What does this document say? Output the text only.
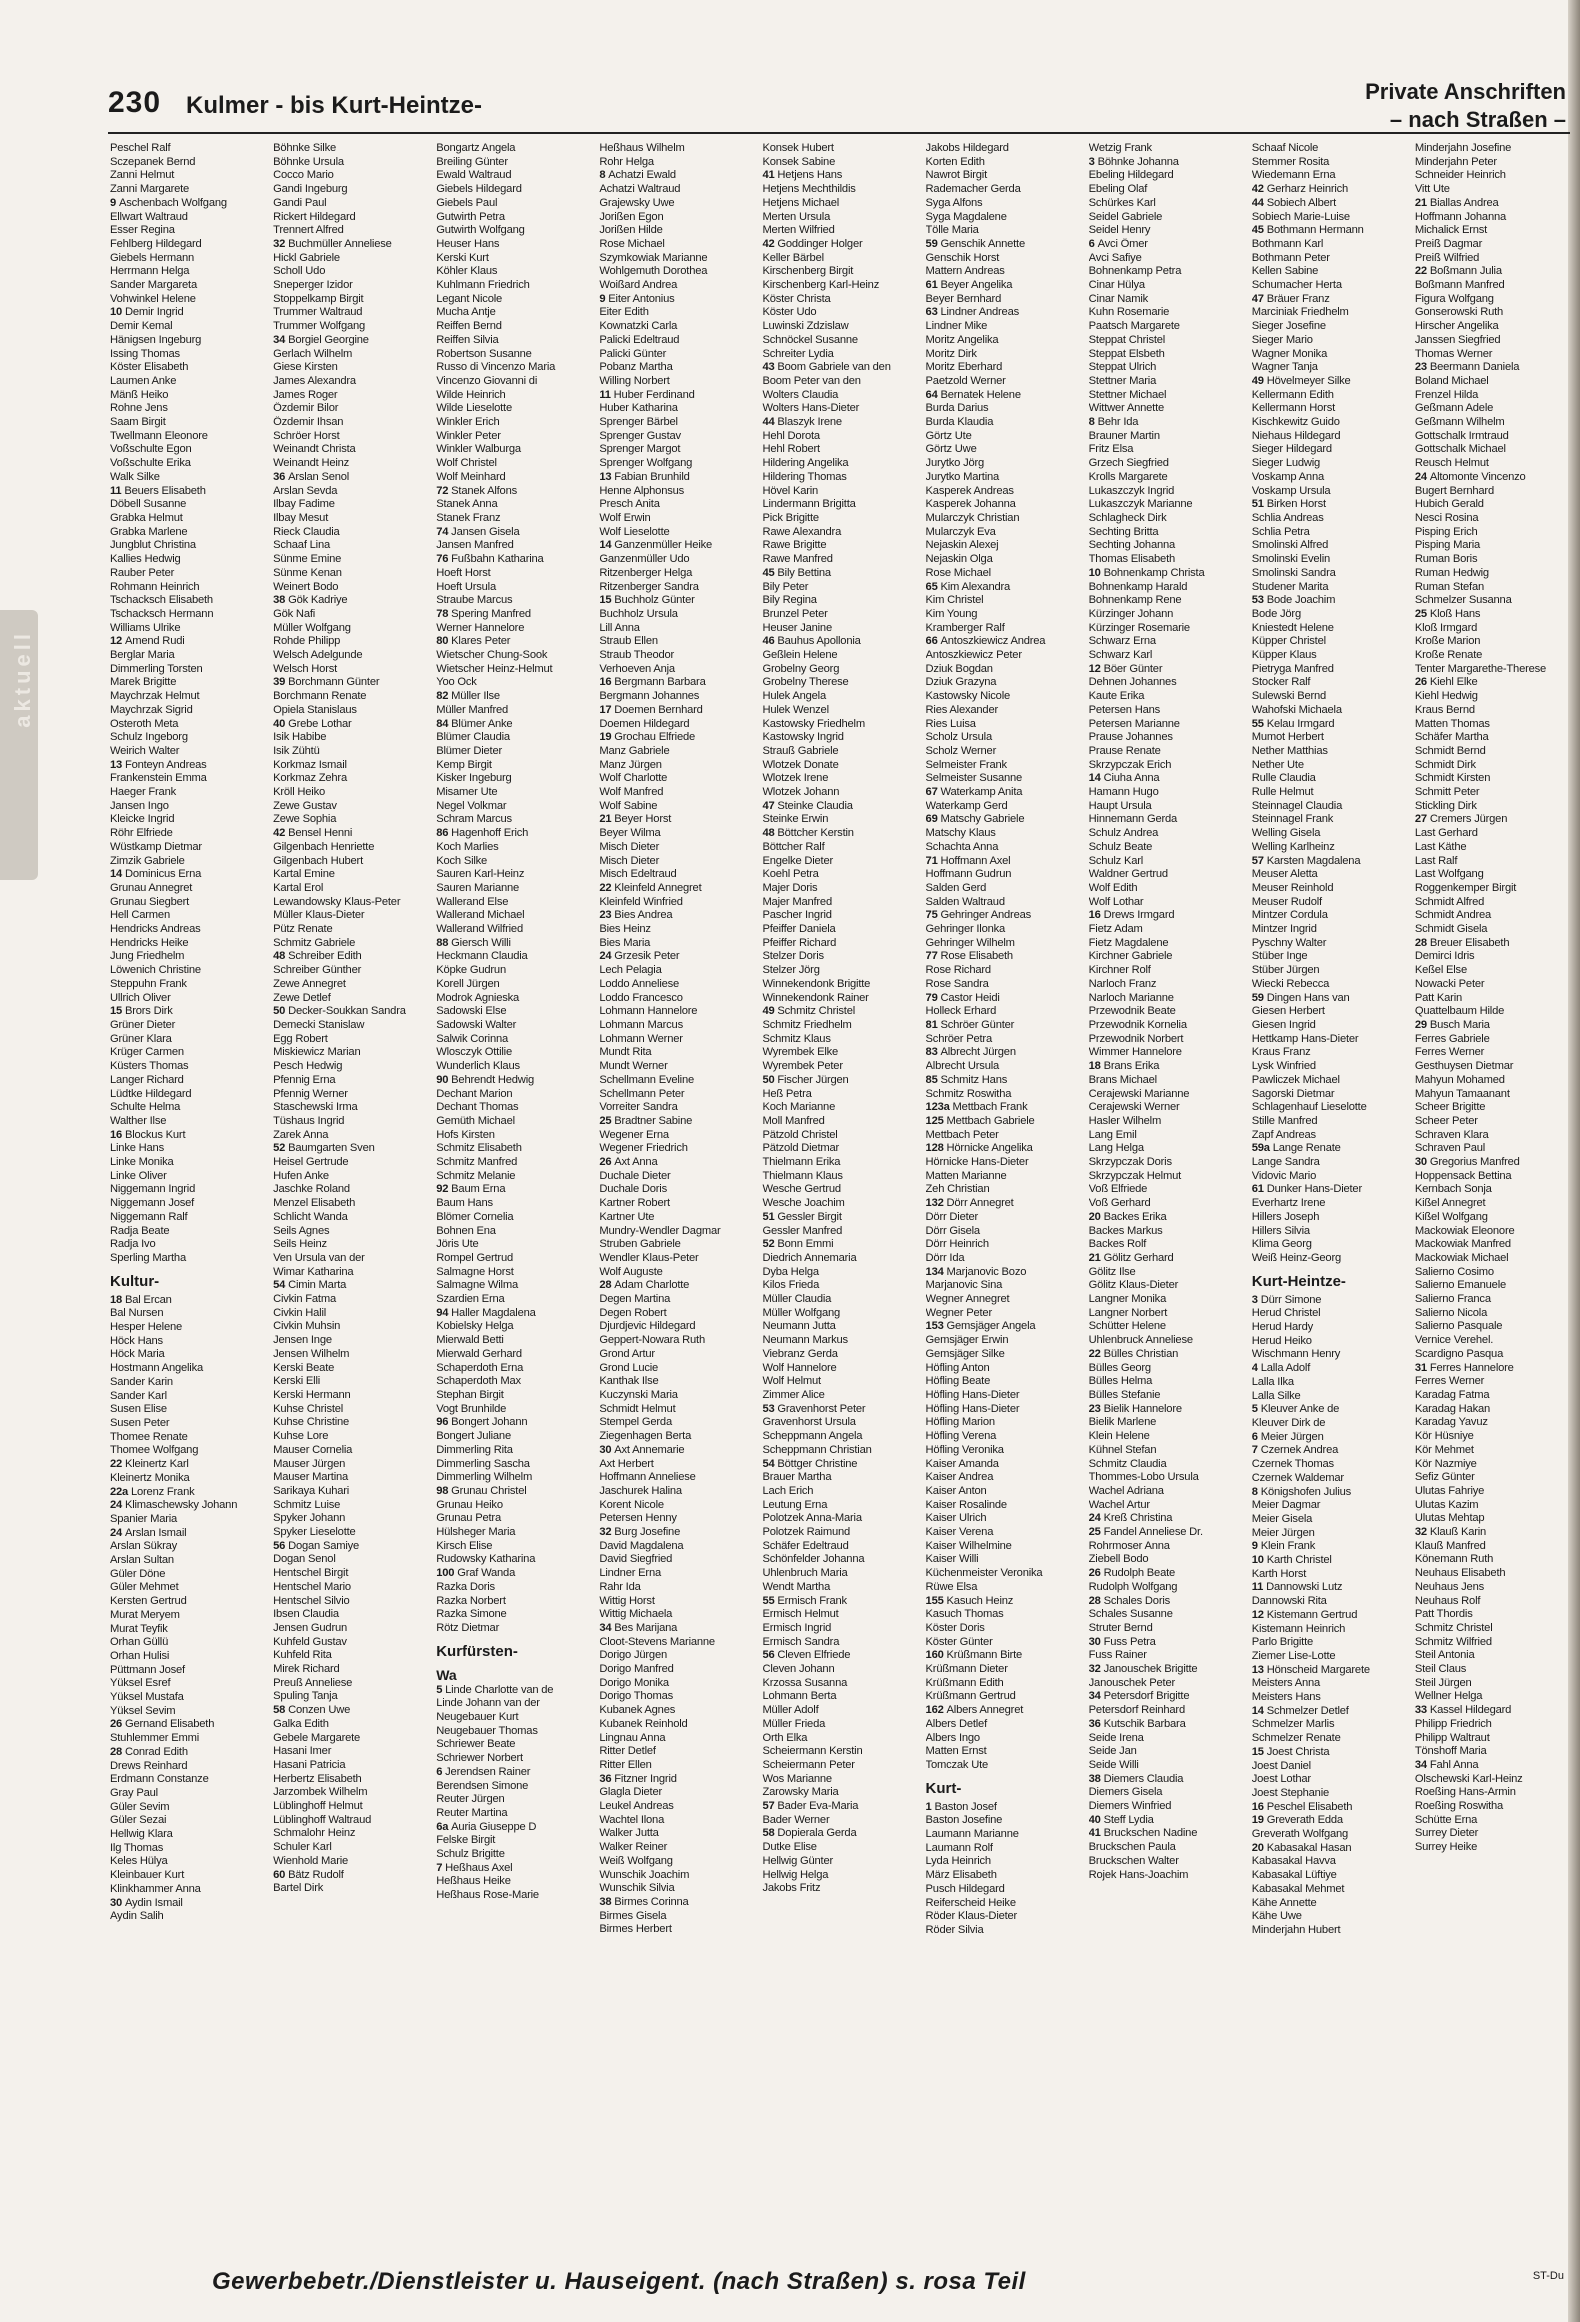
aktuell
230 Kulmer - bis Kurt-Heintze-
Private Anschriften
– nach Straßen –
Peschel Ralf
Sczepanek Bernd
Zanni Helmut
Zanni Margarete
9 Aschenbach Wolfgang
Ellwart Waltraud
Esser Regina
Fehlberg Hildegard
Giebels Hermann
Herrmann Helga
Sander Margareta
Vohwinkel Helene
10 Demir Ingrid
Demir Kemal
Hänigsen Ingeburg
Issing Thomas
Köster Elisabeth
Laumen Anke
Mänß Heiko
Rohne Jens
Saam Birgit
Twellmann Eleonore
Voßschulte Egon
Voßschulte Erika
Walk Silke
11 Beuers Elisabeth
Döbell Susanne
Grabka Helmut
Grabka Marlene
Jungblut Christina
Kallies Hedwig
Rauber Peter
Rohmann Heinrich
Tschacksch Elisabeth
Tschacksch Hermann
Williams Ulrike
12 Amend Rudi
Berglar Maria
Dimmerling Torsten
Marek Brigitte
Maychrzak Helmut
Maychrzak Sigrid
Osteroth Meta
Schulz Ingeborg
Weirich Walter
13 Fonteyn Andreas
Frankenstein Emma
Haeger Frank
Jansen Ingo
Kleicke Ingrid
Röhr Elfriede
Wüstkamp Dietmar
Zimzik Gabriele
14 Dominicus Erna
Grunau Annegret
Grunau Siegbert
Hell Carmen
Hendricks Andreas
Hendricks Heike
Jung Friedhelm
Löwenich Christine
Steppuhn Frank
Ullrich Oliver
15 Brors Dirk
Grüner Dieter
Grüner Klara
Krüger Carmen
Küsters Thomas
Langer Richard
Lüdtke Hildegard
Schulte Helma
Walther Ilse
16 Blockus Kurt
Linke Hans
Linke Monika
Linke Oliver
Niggemann Ingrid
Niggemann Josef
Niggemann Ralf
Radja Beate
Radja Ivo
Sperling Martha
Kultur-
18 Bal Ercan
Bal Nursen
Hesper Helene
Höck Hans
Höck Maria
Hostmann Angelika
Sander Karin
Sander Karl
Susen Elise
Susen Peter
Thomee Renate
Thomee Wolfgang
22 Kleinertz Karl
Kleinertz Monika
22a Lorenz Frank
24 Klimaschewsky Johann
Spanier Maria
24 Arslan Ismail
Arslan Sükray
Arslan Sultan
Güler Döne
Güler Mehmet
Kersten Gertrud
Murat Meryem
Murat Teyfik
Orhan Güllü
Orhan Hulisi
Püttmann Josef
Yüksel Esref
Yüksel Mustafa
Yüksel Sevim
26 Gernand Elisabeth
Stuhlemmer Emmi
28 Conrad Edith
Drews Reinhard
Erdmann Constanze
Gray Paul
Güler Sevim
Güler Sezai
Hellwig Klara
Ilg Thomas
Keles Hülya
Kleinbauer Kurt
Klinkhammer Anna
30 Aydin Ismail
Aydin Salih
Böhnke Silke
Böhnke Ursula
Cocco Mario
Gandi Ingeburg
Gandi Paul
Rickert Hildegard
Trennert Alfred
32 Buchmüller Anneliese
Hickl Gabriele
Scholl Udo
Sneperger Izidor
Stoppelkamp Birgit
Trummer Waltraud
Trummer Wolfgang
34 Borgiel Georgine
Gerlach Wilhelm
Giese Kirsten
James Alexandra
James Roger
Özdemir Bilor
Özdemir Ihsan
Schröer Horst
Weinandt Christa
Weinandt Heinz
36 Arslan Senol
Arslan Sevda
Ilbay Fadime
Ilbay Mesut
Rieck Claudia
Schaaf Lina
Sünme Emine
Sünme Kenan
Weinert Bodo
38 Gök Kadriye
Gök Nafi
Müller Wolfgang
Rohde Philipp
Welsch Adelgunde
Welsch Horst
39 Borchmann Günter
Borchmann Renate
Opiela Stanislaus
40 Grebe Lothar
Isik Habibe
Isik Zühtü
Korkmaz Ismail
Korkmaz Zehra
Kröll Heiko
Zewe Gustav
Zewe Sophia
42 Bensel Henni
Gilgenbach Henriette
Gilgenbach Hubert
Kartal Emine
Kartal Erol
Lewandowsky Klaus-Peter
Müller Klaus-Dieter
Pütz Renate
Schmitz Gabriele
48 Schreiber Edith
Schreiber Günther
Zewe Annegret
Zewe Detlef
50 Decker-Soukkan Sandra
Demecki Stanislaw
Egg Robert
Miskiewicz Marian
Pesch Hedwig
Pfennig Erna
Pfennig Werner
Staschewski Irma
Tüshaus Ingrid
Zarek Anna
52 Baumgarten Sven
Heisel Gertrude
Hufen Anke
Jaschke Roland
Menzel Elisabeth
Schlicht Wanda
Seils Agnes
Seils Heinz
Ven Ursula van der
Wimar Katharina
54 Cimin Marta
Civkin Fatma
Civkin Halil
Civkin Muhsin
Jensen Inge
Jensen Wilhelm
Kerski Beate
Kerski Elli
Kerski Hermann
Kuhse Christel
Kuhse Christine
Kuhse Lore
Mauser Cornelia
Mauser Jürgen
Mauser Martina
Sarikaya Kuhari
Schmitz Luise
Spyker Johann
Spyker Lieselotte
56 Dogan Samiye
Dogan Senol
Hentschel Birgit
Hentschel Mario
Hentschel Silvio
Ibsen Claudia
Jensen Gudrun
Kuhfeld Gustav
Kuhfeld Rita
Mirek Richard
Preuß Anneliese
Spuling Tanja
58 Conzen Uwe
Galka Edith
Gebele Margarete
Hasani Imer
Hasani Patricia
Herbertz Elisabeth
Jarzombek Wilhelm
Lüblinghoff Helmut
Lüblinghoff Waltraud
Schmalohr Heinz
Schuler Karl
Wienhold Marie
60 Bätz Rudolf
Bartel Dirk
Bongartz Angela
Breiling Günter
Ewald Waltraud
Giebels Hildegard
Giebels Paul
Gutwirth Petra
Gutwirth Wolfgang
Heuser Hans
Kerski Kurt
Köhler Klaus
Kuhlmann Friedrich
Legant Nicole
Mucha Antje
Reiffen Bernd
Reiffen Silvia
Robertson Susanne
Russo di Vincenzo Maria
Vincenzo Giovanni di
Wilde Heinrich
Wilde Lieselotte
Winkler Erich
Winkler Peter
Winkler Walburga
Wolf Christel
Wolf Meinhard
72 Stanek Alfons
Stanek Anna
Stanek Franz
74 Jansen Gisela
Jansen Manfred
76 Fußbahn Katharina
Hoeft Horst
Hoeft Ursula
Straube Marcus
78 Spering Manfred
Werner Hannelore
80 Klares Peter
Wietscher Chung-Sook
Wietscher Heinz-Helmut
Yoo Ock
82 Müller Ilse
Müller Manfred
84 Blümer Anke
Blümer Claudia
Blümer Dieter
Kemp Birgit
Kisker Ingeburg
Misamer Ute
Negel Volkmar
Schram Marcus
86 Hagenhoff Erich
Koch Marlies
Koch Silke
Sauren Karl-Heinz
Sauren Marianne
Wallerand Else
Wallerand Michael
Wallerand Wilfried
88 Giersch Willi
Heckmann Claudia
Köpke Gudrun
Korell Jürgen
Modrok Agnieska
Sadowski Else
Sadowski Walter
Salwik Corinna
Wlosczyk Ottilie
Wunderlich Klaus
90 Behrendt Hedwig
Dechant Marion
Dechant Thomas
Gemüth Michael
Hofs Kirsten
Schmitz Elisabeth
Schmitz Manfred
Schmitz Melanie
92 Baum Erna
Baum Hans
Blömer Cornelia
Bohnen Ena
Jöris Ute
Rompel Gertrud
Salmagne Horst
Salmagne Wilma
Szardien Erna
94 Haller Magdalena
Kobielsky Helga
Mierwald Betti
Mierwald Gerhard
Schaperdoth Erna
Schaperdoth Max
Stephan Birgit
Vogt Brunhilde
96 Bongert Johann
Bongert Juliane
Dimmerling Rita
Dimmerling Sascha
Dimmerling Wilhelm
98 Grunau Christel
Grunau Heiko
Grunau Petra
Hülsheger Maria
Kirsch Elise
Rudowsky Katharina
100 Graf Wanda
Razka Doris
Razka Norbert
Razka Simone
Rötz Dietmar
Kurfürsten-
Wa
5 Linde Charlotte van de
Linde Johann van der
Neugebauer Kurt
Neugebauer Thomas
Schriewer Beate
Schriewer Norbert
6 Jerendsen Rainer
Berendsen Simone
Reuter Jürgen
Reuter Martina
6a Auria Giuseppe D
Felske Birgit
Schulz Brigitte
7 Heßhaus Axel
Heßhaus Heike
Heßhaus Rose-Marie
Heßhaus Wilhelm
Rohr Helga
8 Achatzi Ewald
Achatzi Waltraud
Grajewsky Uwe
Jorißen Egon
Jorißen Hilde
Rose Michael
Szymkowiak Marianne
Wohlgemuth Dorothea
Woißard Andrea
9 Eiter Antonius
Eiter Edith
Kownatzki Carla
Palicki Edeltraud
Palicki Günter
Pobanz Martha
Willing Norbert
11 Huber Ferdinand
Huber Katharina
Sprenger Bärbel
Sprenger Gustav
Sprenger Margot
Sprenger Wolfgang
13 Fabian Brunhild
Henne Alphonsus
Presch Anita
Wolf Erwin
Wolf Lieselotte
14 Ganzenmüller Heike
Ganzenmüller Udo
Ritzenberger Helga
Ritzenberger Sandra
15 Buchholz Günter
Buchholz Ursula
Lill Anna
Straub Ellen
Straub Theodor
Verhoeven Anja
16 Bergmann Barbara
Bergmann Johannes
17 Doemen Bernhard
Doemen Hildegard
19 Grochau Elfriede
Manz Gabriele
Manz Jürgen
Wolf Charlotte
Wolf Manfred
Wolf Sabine
21 Beyer Horst
Beyer Wilma
Misch Dieter
Misch Dieter
Misch Edeltraud
22 Kleinfeld Annegret
Kleinfeld Winfried
23 Bies Andrea
Bies Heinz
Bies Maria
24 Grzesik Peter
Lech Pelagia
Loddo Anneliese
Loddo Francesco
Lohmann Hannelore
Lohmann Marcus
Lohmann Werner
Mundt Rita
Mundt Werner
Schellmann Eveline
Schellmann Peter
Vorreiter Sandra
25 Bradtner Sabine
Wegener Erna
Wegener Friedrich
26 Axt Anna
Duchale Dieter
Duchale Doris
Kartner Robert
Kartner Ute
Mundry-Wendler Dagmar
Struben Gabriele
Wendler Klaus-Peter
Wolf Auguste
28 Adam Charlotte
Degen Martina
Degen Robert
Djurdjevic Hildegard
Geppert-Nowara Ruth
Grond Artur
Grond Lucie
Kanthak Ilse
Kuczynski Maria
Schmidt Helmut
Stempel Gerda
Ziegenhagen Berta
30 Axt Annemarie
Axt Herbert
Hoffmann Anneliese
Jaschurek Halina
Korent Nicole
Petersen Henny
32 Burg Josefine
David Magdalena
David Siegfried
Lindner Erna
Rahr Ida
Wittig Horst
Wittig Michaela
34 Bes Marijana
Cloot-Stevens Marianne
Dorigo Jürgen
Dorigo Manfred
Dorigo Monika
Dorigo Thomas
Kubanek Agnes
Kubanek Reinhold
Lingnau Anna
Ritter Detlef
Ritter Ellen
36 Fitzner Ingrid
Glagla Dieter
Leukel Andreas
Wachtel Ilona
Walker Jutta
Walker Reiner
Weiß Wolfgang
Wunschik Joachim
Wunschik Silvia
38 Birmes Corinna
Birmes Gisela
Birmes Herbert
Konsek Hubert
Konsek Sabine
41 Hetjens Hans
Hetjens Mechthildis
Hetjens Michael
Merten Ursula
Merten Wilfried
42 Goddinger Holger
Keller Bärbel
Kirschenberg Birgit
Kirschenberg Karl-Heinz
Köster Christa
Köster Udo
Luwinski Zdzislaw
Schnöckel Susanne
Schreiter Lydia
43 Boom Gabriele van den
Boom Peter van den
Wolters Claudia
Wolters Hans-Dieter
44 Blaszyk Irene
Hehl Dorota
Hehl Robert
Hildering Angelika
Hildering Thomas
Hövel Karin
Lindermann Brigitta
Pick Brigitte
Rawe Alexandra
Rawe Brigitte
Rawe Manfred
45 Bily Bettina
Bily Peter
Bily Regina
Brunzel Peter
Heuser Janine
46 Bauhus Apollonia
Geßlein Helene
Grobelny Georg
Grobelny Therese
Hulek Angela
Hulek Wenzel
Kastowsky Friedhelm
Kastowsky Ingrid
Strauß Gabriele
Wlotzek Donate
Wlotzek Irene
Wlotzek Johann
47 Steinke Claudia
Steinke Erwin
48 Böttcher Kerstin
Böttcher Ralf
Engelke Dieter
Koehl Petra
Majer Doris
Majer Manfred
Pascher Ingrid
Pfeiffer Daniela
Pfeiffer Richard
Stelzer Doris
Stelzer Jörg
Winnekendonk Brigitte
Winnekendonk Rainer
49 Schmitz Christel
Schmitz Friedhelm
Schmitz Klaus
Wyrembek Elke
Wyrembek Peter
50 Fischer Jürgen
Heß Petra
Koch Marianne
Moll Manfred
Pätzold Christel
Pätzold Dietmar
Thielmann Erika
Thielmann Klaus
Wesche Gertrud
Wesche Joachim
51 Gessler Birgit
Gessler Manfred
52 Bonn Emmi
Diedrich Annemaria
Dyba Helga
Kilos Frieda
Müller Claudia
Müller Wolfgang
Neumann Jutta
Neumann Markus
Viebranz Gerda
Wolf Hannelore
Wolf Helmut
Zimmer Alice
53 Gravenhorst Peter
Gravenhorst Ursula
Scheppmann Angela
Scheppmann Christian
54 Böttger Christine
Brauer Martha
Lach Erich
Leutung Erna
Polotzek Anna-Maria
Polotzek Raimund
Schäfer Edeltraud
Schönfelder Johanna
Uhlenbruch Maria
Wendt Martha
55 Ermisch Frank
Ermisch Helmut
Ermisch Ingrid
Ermisch Sandra
56 Cleven Elfriede
Cleven Johann
Krzossa Susanna
Lohmann Berta
Müller Adolf
Müller Frieda
Orth Elka
Scheiermann Kerstin
Scheiermann Peter
Wos Marianne
Zarowsky Maria
57 Bader Eva-Maria
Bader Werner
58 Dopierala Gerda
Dutke Elise
Hellwig Günter
Hellwig Helga
Jakobs Fritz
Jakobs Hildegard
Korten Edith
Nawrot Birgit
Rademacher Gerda
Syga Alfons
Syga Magdalene
Tölle Maria
59 Genschik Annette
Genschik Horst
Mattern Andreas
61 Beyer Angelika
Beyer Bernhard
63 Lindner Andreas
Lindner Mike
Moritz Angelika
Moritz Dirk
Moritz Eberhard
Paetzold Werner
64 Bernatek Helene
Burda Darius
Burda Klaudia
Görtz Ute
Görtz Uwe
Jurytko Jörg
Jurytko Martina
Kasperek Andreas
Kasperek Johanna
Mularczyk Christian
Mularczyk Eva
Nejaskin Alexej
Nejaskin Olga
Rose Michael
65 Kim Alexandra
Kim Christel
Kim Young
Kramberger Ralf
66 Antoszkiewicz Andrea
Antoszkiewicz Peter
Dziuk Bogdan
Dziuk Grazyna
Kastowsky Nicole
Ries Alexander
Ries Luisa
Scholz Ursula
Scholz Werner
Selmeister Frank
Selmeister Susanne
67 Waterkamp Anita
Waterkamp Gerd
69 Matschy Gabriele
Matschy Klaus
Schachta Anna
71 Hoffmann Axel
Hoffmann Gudrun
Salden Gerd
Salden Waltraud
75 Gehringer Andreas
Gehringer Ilonka
Gehringer Wilhelm
77 Rose Elisabeth
Rose Richard
Rose Sandra
79 Castor Heidi
Holleck Erhard
81 Schröer Günter
Schröer Petra
83 Albrecht Jürgen
Albrecht Ursula
85 Schmitz Hans
Schmitz Roswitha
123a Mettbach Frank
125 Mettbach Gabriele
Mettbach Peter
128 Hörnicke Angelika
Hörnicke Hans-Dieter
Matten Marianne
Zeh Christian
132 Dörr Annegret
Dörr Dieter
Dörr Gisela
Dörr Heinrich
Dörr Ida
134 Marjanovic Bozo
Marjanovic Sina
Wegner Annegret
Wegner Peter
153 Gemsjäger Angela
Gemsjäger Erwin
Gemsjäger Silke
Höfling Anton
Höfling Beate
Höfling Hans-Dieter
Höfling Hans-Dieter
Höfling Marion
Höfling Verena
Höfling Veronika
Kaiser Amanda
Kaiser Andrea
Kaiser Anton
Kaiser Rosalinde
Kaiser Ulrich
Kaiser Verena
Kaiser Wilhelmine
Kaiser Willi
Küchenmeister Veronika
Rüwe Elsa
155 Kasuch Heinz
Kasuch Thomas
Köster Doris
Köster Günter
160 Krüßmann Birte
Krüßmann Dieter
Krüßmann Edith
Krüßmann Gertrud
162 Albers Annegret
Albers Detlef
Albers Ingo
Matten Ernst
Tomczak Ute
Kurt-
1 Baston Josef
Baston Josefine
Laumann Marianne
Laumann Rolf
Lyda Heinrich
März Elisabeth
Pusch Hildegard
Reiferscheid Heike
Röder Klaus-Dieter
Röder Silvia
Wetzig Frank
3 Böhnke Johanna
Ebeling Hildegard
Ebeling Olaf
Schürkes Karl
Seidel Gabriele
Seidel Henry
6 Avci Ömer
Avci Safiye
Bohnenkamp Petra
Cinar Hülya
Cinar Namik
Kuhn Rosemarie
Paatsch Margarete
Steppat Christel
Steppat Elsbeth
Steppat Ulrich
Stettner Maria
Stettner Michael
Wittwer Annette
8 Behr Ida
Brauner Martin
Fritz Elsa
Grzech Siegfried
Krolls Margarete
Lukaszczyk Ingrid
Lukaszczyk Marianne
Schlagheck Dirk
Sechting Britta
Sechting Johanna
Thomas Elisabeth
10 Bohnenkamp Christa
Bohnenkamp Harald
Bohnenkamp Rene
Kürzinger Johann
Kürzinger Rosemarie
Schwarz Erna
Schwarz Karl
12 Böer Günter
Dehnen Johannes
Kaute Erika
Petersen Hans
Petersen Marianne
Prause Johannes
Prause Renate
Skrzypczak Erich
14 Ciuha Anna
Hamann Hugo
Haupt Ursula
Hinnemann Gerda
Schulz Andrea
Schulz Beate
Schulz Karl
Waldner Gertrud
Wolf Edith
Wolf Lothar
16 Drews Irmgard
Fietz Adam
Fietz Magdalene
Kirchner Gabriele
Kirchner Rolf
Narloch Franz
Narloch Marianne
Przewodnik Beate
Przewodnik Kornelia
Przewodnik Norbert
Wimmer Hannelore
18 Brans Erika
Brans Michael
Cerajewski Marianne
Cerajewski Werner
Hasler Wilhelm
Lang Emil
Lang Helga
Skrzypczak Doris
Skrzypczak Helmut
Voß Elfriede
Voß Gerhard
20 Backes Erika
Backes Markus
Backes Rolf
21 Gölitz Gerhard
Gölitz Ilse
Gölitz Klaus-Dieter
Langner Monika
Langner Norbert
Schütter Helene
Uhlenbruck Anneliese
22 Bülles Christian
Bülles Georg
Bülles Helma
Bülles Stefanie
23 Bielik Hannelore
Bielik Marlene
Klein Helene
Kühnel Stefan
Schmitz Claudia
Thommes-Lobo Ursula
Wachel Adriana
Wachel Artur
24 Kreß Christina
25 Fandel Anneliese Dr.
Rohrmoser Anna
Ziebell Bodo
26 Rudolph Beate
Rudolph Wolfgang
28 Schales Doris
Schales Susanne
Struter Bernd
30 Fuss Petra
Fuss Rainer
32 Janouschek Brigitte
Janouschek Peter
34 Petersdorf Brigitte
Petersdorf Reinhard
36 Kutschik Barbara
Seide Irena
Seide Jan
Seide Willi
38 Diemers Claudia
Diemers Gisela
Diemers Winfried
40 Steff Lydia
41 Bruckschen Nadine
Bruckschen Paula
Bruckschen Walter
Rojek Hans-Joachim
Schaaf Nicole
Stemmer Rosita
Wiedemann Erna
42 Gerharz Heinrich
44 Sobiech Albert
Sobiech Marie-Luise
45 Bothmann Hermann
Bothmann Karl
Bothmann Peter
Kellen Sabine
Schumacher Herta
47 Bräuer Franz
Marciniak Friedhelm
Sieger Josefine
Sieger Mario
Wagner Monika
Wagner Tanja
49 Hövelmeyer Silke
Kellermann Edith
Kellermann Horst
Kischkewitz Guido
Niehaus Hildegard
Sieger Hildegard
Sieger Ludwig
Voskamp Anna
Voskamp Ursula
51 Birken Horst
Schlia Andreas
Schlia Petra
Smolinski Alfred
Smolinski Evelin
Smolinski Sandra
Studener Marita
53 Bode Joachim
Bode Jörg
Kniestedt Helene
Küpper Christel
Küpper Klaus
Pietryga Manfred
Stocker Ralf
Sulewski Bernd
Wahofski Michaela
55 Kelau Irmgard
Mumot Herbert
Nether Matthias
Nether Ute
Rulle Claudia
Rulle Helmut
Steinnagel Claudia
Steinnagel Frank
Welling Gisela
Welling Karlheinz
57 Karsten Magdalena
Meuser Aletta
Meuser Reinhold
Meuser Rudolf
Mintzer Cordula
Mintzer Ingrid
Pyschny Walter
Stüber Inge
Stüber Jürgen
Wiecki Rebecca
59 Dingen Hans van
Giesen Herbert
Giesen Ingrid
Hettkamp Hans-Dieter
Kraus Franz
Lysk Winfried
Pawliczek Michael
Sagorski Dietmar
Schlagenhauf Lieselotte
Stille Manfred
Zapf Andreas
59a Lange Renate
Lange Sandra
Vidovic Mario
61 Dunker Hans-Dieter
Everhartz Irene
Hillers Joseph
Hillers Silvia
Klima Georg
Weiß Heinz-Georg
Kurt-Heintze-
3 Dürr Simone
Herud Christel
Herud Hardy
Herud Heiko
Wischmann Henry
4 Lalla Adolf
Lalla Ilka
Lalla Silke
5 Kleuver Anke de
Kleuver Dirk de
6 Meier Jürgen
7 Czernek Andrea
Czernek Thomas
Czernek Waldemar
8 Königshofen Julius
Meier Dagmar
Meier Gisela
Meier Jürgen
9 Klein Frank
10 Karth Christel
Karth Horst
11 Dannowski Lutz
Dannowski Rita
12 Kistemann Gertrud
Kistemann Heinrich
Parlo Brigitte
Ziemer Lise-Lotte
13 Hönscheid Margarete
Meisters Anna
Meisters Hans
14 Schmelzer Detlef
Schmelzer Marlis
Schmelzer Renate
15 Joest Christa
Joest Daniel
Joest Lothar
Joest Stephanie
16 Peschel Elisabeth
19 Greverath Edda
Greverath Wolfgang
20 Kabasakal Hasan
Kabasakal Havva
Kabasakal Lüftiye
Kabasakal Mehmet
Kähe Annette
Kähe Uwe
Minderjahn Hubert
Minderjahn Josefine
Minderjahn Peter
Schneider Heinrich
Vitt Ute
21 Biallas Andrea
Hoffmann Johanna
Michalick Ernst
Preiß Dagmar
Preiß Wilfried
22 Boßmann Julia
Boßmann Manfred
Figura Wolfgang
Gonserowski Ruth
Hirscher Angelika
Janssen Siegfried
Thomas Werner
23 Beermann Daniela
Boland Michael
Frenzel Hilda
Geßmann Adele
Geßmann Wilhelm
Gottschalk Irmtraud
Gottschalk Michael
Reusch Helmut
24 Altomonte Vincenzo
Bugert Bernhard
Hubich Gerald
Nesci Rosina
Pisping Erich
Pisping Maria
Ruman Boris
Ruman Hedwig
Ruman Stefan
Schmelzer Susanna
25 Kloß Hans
Kloß Irmgard
Kroße Marion
Kroße Renate
Tenter Margarethe-Therese
26 Kiehl Elke
Kiehl Hedwig
Kraus Bernd
Matten Thomas
Schäfer Martha
Schmidt Bernd
Schmidt Dirk
Schmidt Kirsten
Schmitt Peter
Stickling Dirk
27 Cremers Jürgen
Last Gerhard
Last Käthe
Last Ralf
Last Wolfgang
Roggenkemper Birgit
Schmidt Alfred
Schmidt Andrea
Schmidt Gisela
28 Breuer Elisabeth
Demirci Idris
Keßel Else
Nowacki Peter
Patt Karin
Quattelbaum Hilde
29 Busch Maria
Ferres Gabriele
Ferres Werner
Gesthuysen Dietmar
Mahyun Mohamed
Mahyun Tamaanant
Scheer Brigitte
Scheer Peter
Schraven Klara
Schraven Paul
30 Gregorius Manfred
Hoppensack Bettina
Kernbach Sonja
Kißel Annegret
Kißel Wolfgang
Mackowiak Eleonore
Mackowiak Manfred
Mackowiak Michael
Salierno Cosimo
Salierno Emanuele
Salierno Franca
Salierno Nicola
Salierno Pasquale
Vernice Verehel.
Scardigno Pasqua
31 Ferres Hannelore
Ferres Werner
Karadag Fatma
Karadag Hakan
Karadag Yavuz
Kör Hüsniye
Kör Mehmet
Kör Nazmiye
Sefiz Günter
Ulutas Fahriye
Ulutas Kazim
Ulutas Mehtap
32 Klauß Karin
Klauß Manfred
Könemann Ruth
Neuhaus Elisabeth
Neuhaus Jens
Neuhaus Rolf
Patt Thordis
Schmitz Christel
Schmitz Wilfried
Steil Antonia
Steil Claus
Steil Jürgen
Wellner Helga
33 Kassel Hildegard
Philipp Friedrich
Philipp Waltraut
Tönshoff Maria
34 Fahl Anna
Olschewski Karl-Heinz
Roeßing Hans-Armin
Roeßing Roswitha
Schütte Erna
Surrey Dieter
Surrey Heike
Gewerbebetr./Dienstleister u. Hauseigent. (nach Straßen) s. rosa Teil	ST-Du
